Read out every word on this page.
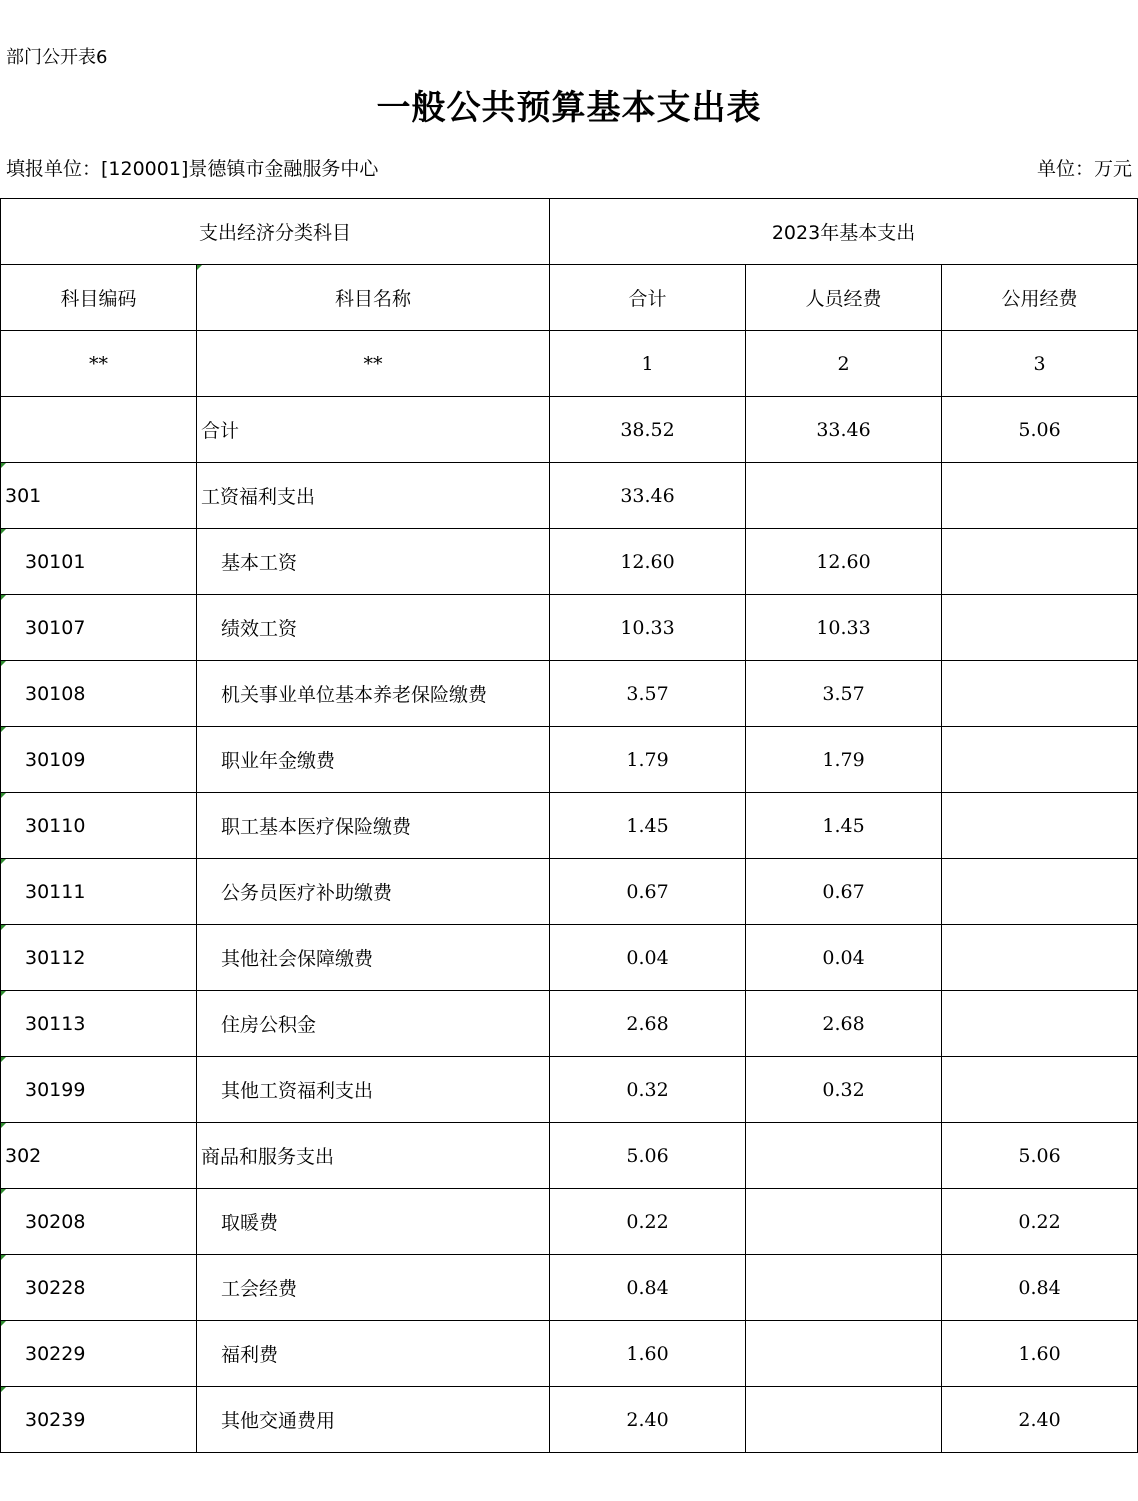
部门公开表6
一般公共预算基本支出表
填报单位：[120001]景德镇市金融服务中心	单位：万元
支出经济分类科目		2023年基本支出		
科目编码	科目名称	合计	人员经费	公用经费
**	**	1	2	3
	合计	38.52	33.46	5.06
301	工资福利支出	33.46		
30101	基本工资	12.60	12.60	
30107	绩效工资	10.33	10.33	
30108	机关事业单位基本养老保险缴费	3.57	3.57	
30109	职业年金缴费	1.79	1.79	
30110	职工基本医疗保险缴费	1.45	1.45	
30111	公务员医疗补助缴费	0.67	0.67	
30112	其他社会保障缴费	0.04	0.04	
30113	住房公积金	2.68	2.68	
30199	其他工资福利支出	0.32	0.32	
302	商品和服务支出	5.06		5.06
30208	取暖费	0.22		0.22
30228	工会经费	0.84		0.84
30229	福利费	1.60		1.60
30239	其他交通费用	2.40		2.40
